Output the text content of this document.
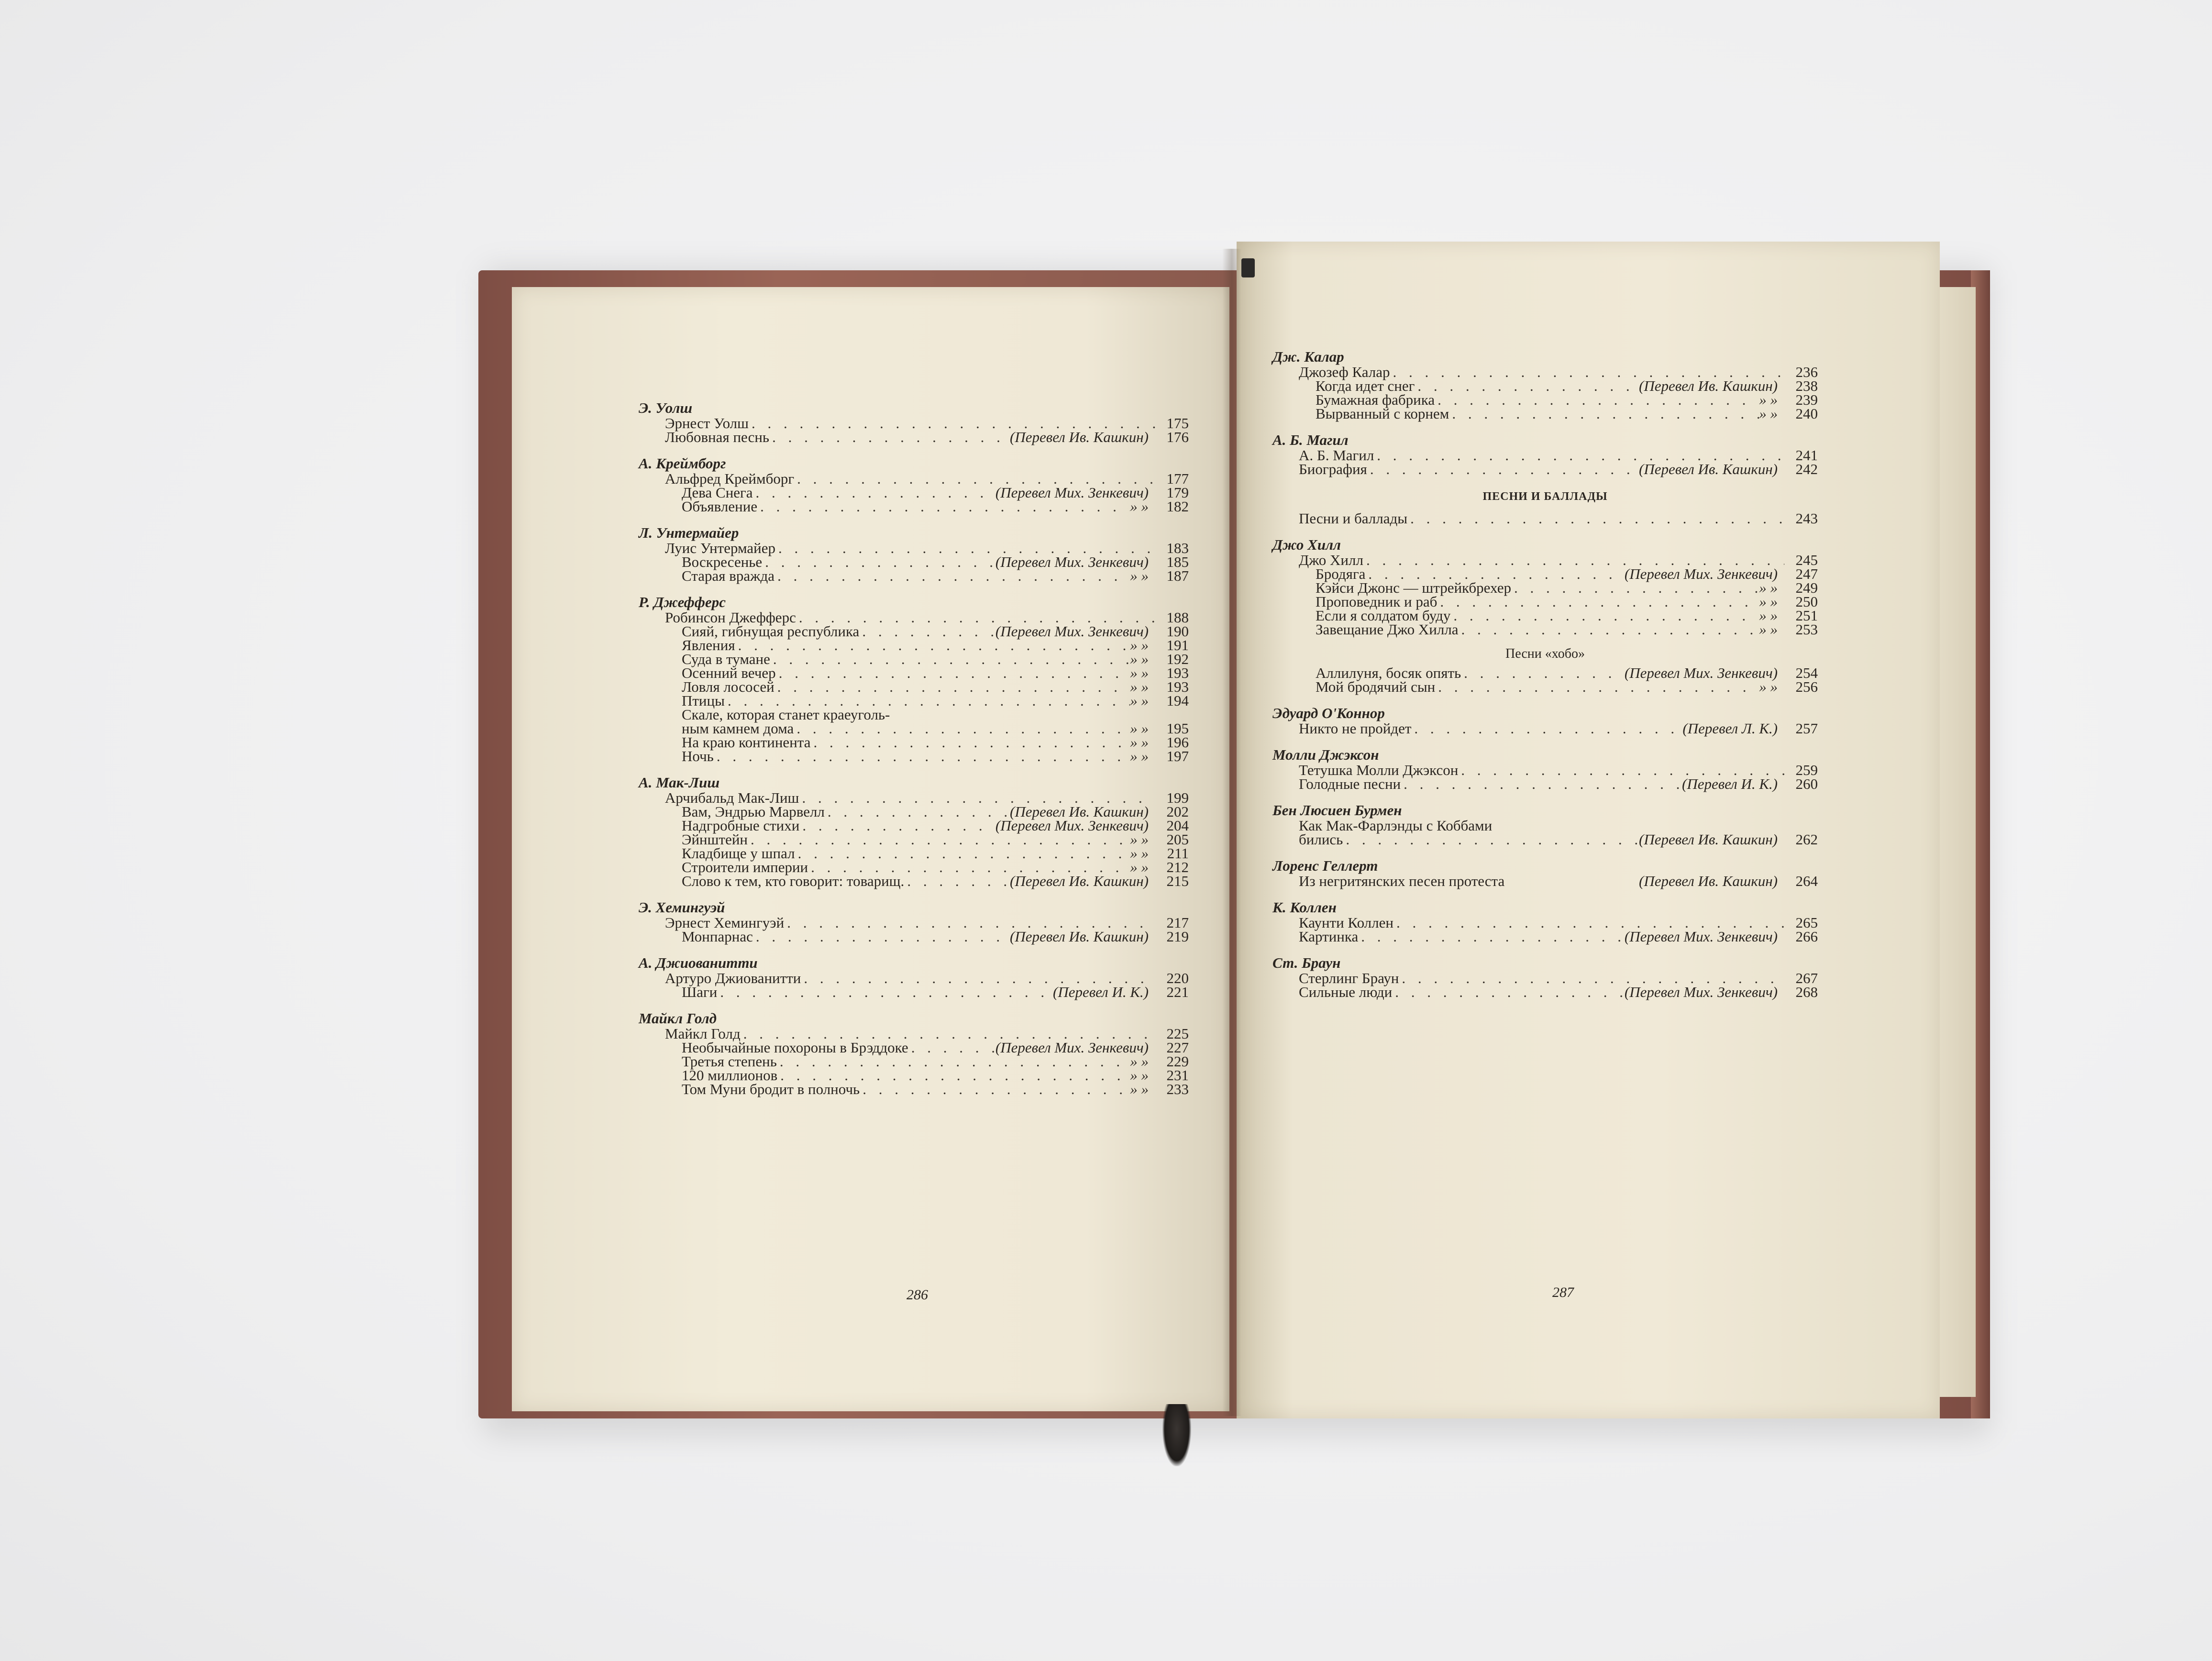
Э. Уолш
Эрнест Уолш . . .	175
Любовная песнь . . .	(Перевел Ив. Кашкин)	176
А. Креймборг
Альфред Креймборг . . .	177
Дева Снега . . .	(Перевел Мих. Зенкевич)	179
Объявление . . .	» »	182
Л. Унтермайер
Луис Унтермайер . . .	183
Воскресенье . . .	(Перевел Мих. Зенкевич)	185
Старая вражда . . .	» »	187
Р. Джефферс
Робинсон Джефферс . . .	188
Сияй, гибнущая республика . . .	(Перевел Мих. Зенкевич)	190
Явления . . .	» »	191
Суда в тумане . . .	» »	192
Осенний вечер . . .	» »	193
Ловля лососей . . .	» »	193
Птицы . . .	» »	194
Скале, которая станет краеуголь-
ным камнем дома . . .	» »	195
На краю континента . . .	» »	196
Ночь . . .	» »	197
А. Мак-Лиш
Арчибальд Мак-Лиш . . .	199
Вам, Эндрью Марвелл . . .	(Перевел Ив. Кашкин)	202
Надгробные стихи . . .	(Перевел Мих. Зенкевич)	204
Эйнштейн . . .	» »	205
Кладбище у шпал . . .	» »	211
Строители империи . . .	» »	212
Слово к тем, кто говорит: товарищ. . . .	(Перевел Ив. Кашкин)	215
Э. Хемингуэй
Эрнест Хемингуэй . . .	217
Монпарнас . . .	(Перевел Ив. Кашкин)	219
А. Джиованитти
Артуро Джиованитти . . .	220
Шаги . . .	(Перевел И. К.)	221
Майкл Голд
Майкл Голд . . .	225
Необычайные похороны в Брэддоке . . .	(Перевел Мих. Зенкевич)	227
Третья степень . . .	» »	229
120 миллионов . . .	» »	231
Том Муни бродит в полночь . . .	» »	233
286
Дж. Калар
Джозеф Калар . . .	236
Когда идет снег . . .	(Перевел Ив. Кашкин)	238
Бумажная фабрика . . .	» »	239
Вырванный с корнем . . .	» »	240
А. Б. Магил
А. Б. Магил . . .	241
Биография . . .	(Перевел Ив. Кашкин)	242
ПЕСНИ И БАЛЛАДЫ
Песни и баллады . . .	243
Джо Хилл
Джо Хилл . . .	245
Бродяга . . .	(Перевел Мих. Зенкевич)	247
Кэйси Джонс — штрейкбрехер . . .	» »	249
Проповедник и раб . . .	» »	250
Если я солдатом буду . . .	» »	251
Завещание Джо Хилла . . .	» »	253
Песни «хобо»
Аллилуня, босяк опять . . .	(Перевел Мих. Зенкевич)	254
Мой бродячий сын . . .	» »	256
Эдуард О'Коннор
Никто не пройдет . . .	(Перевел Л. К.)	257
Молли Джэксон
Тетушка Молли Джэксон . . .	259
Голодные песни . . .	(Перевел И. К.)	260
Бен Люсиен Бурмен
Как Мак-Фарлэнды с Коббами
бились . . .	(Перевел Ив. Кашкин)	262
Лоренс Геллерт
Из негритянских песен протеста	(Перевел Ив. Кашкин)	264
К. Коллен
Каунти Коллен . . .	265
Картинка . . .	(Перевел Мих. Зенкевич)	266
Ст. Браун
Стерлинг Браун . . .	267
Сильные люди . . .	(Перевел Мих. Зенкевич)	268
287
